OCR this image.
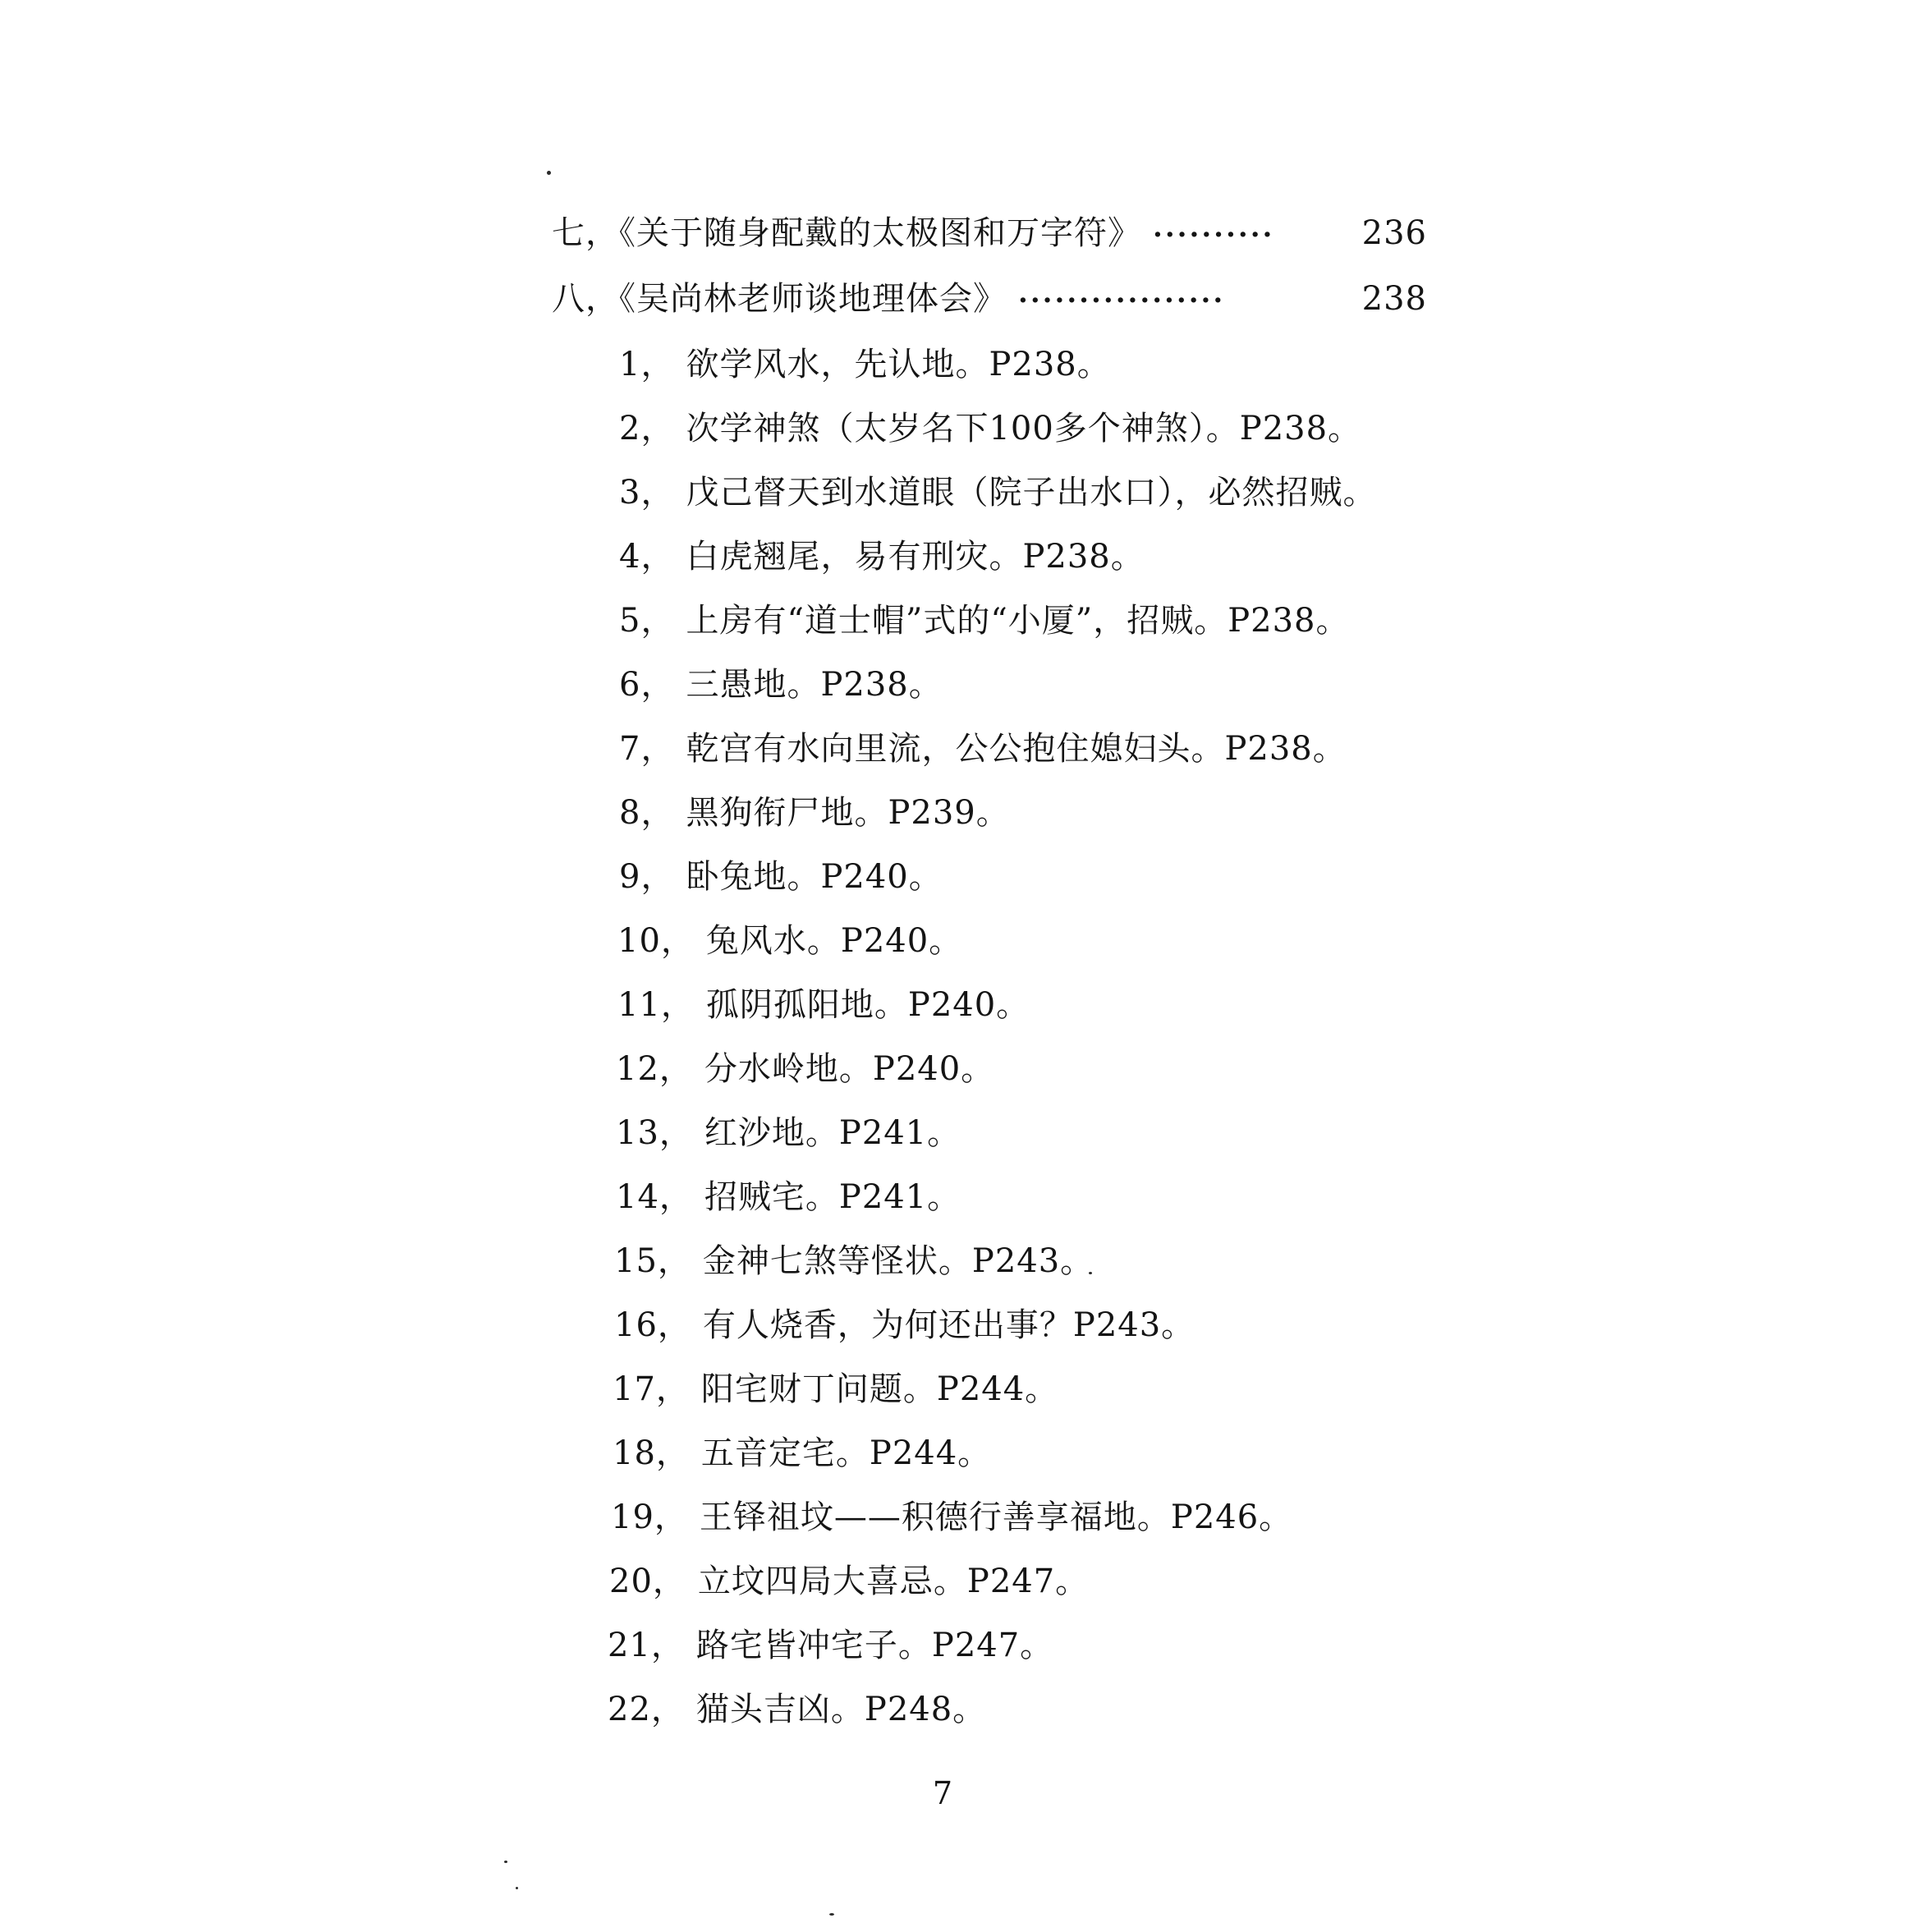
七，《关于随身配戴的太极图和万字符》 ··········	236
八，《吴尚林老师谈地理体会》 ·················	238
1， 欲学风水，先认地。P238。
2， 次学神煞（太岁名下100多个神煞）。P238。
3， 戊己督天到水道眼（院子出水口），必然招贼。
4， 白虎翘尾，易有刑灾。P238。
5， 上房有“道士帽”式的“小厦”，招贼。P238。
6， 三愚地。P238。
7， 乾宫有水向里流，公公抱住媳妇头。P238。
8， 黑狗衔尸地。P239。
9， 卧兔地。P240。
10， 兔风水。P240。
11， 孤阴孤阳地。P240。
12， 分水岭地。P240。
13， 红沙地。P241。
14， 招贼宅。P241。
15， 金神七煞等怪状。P243。
16， 有人烧香，为何还出事？P243。
17， 阳宅财丁问题。P244。
18， 五音定宅。P244。
19， 王铎祖坟——积德行善享福地。P246。
20， 立坟四局大喜忌。P247。
21， 路宅皆冲宅子。P247。
22， 猫头吉凶。P248。
7
